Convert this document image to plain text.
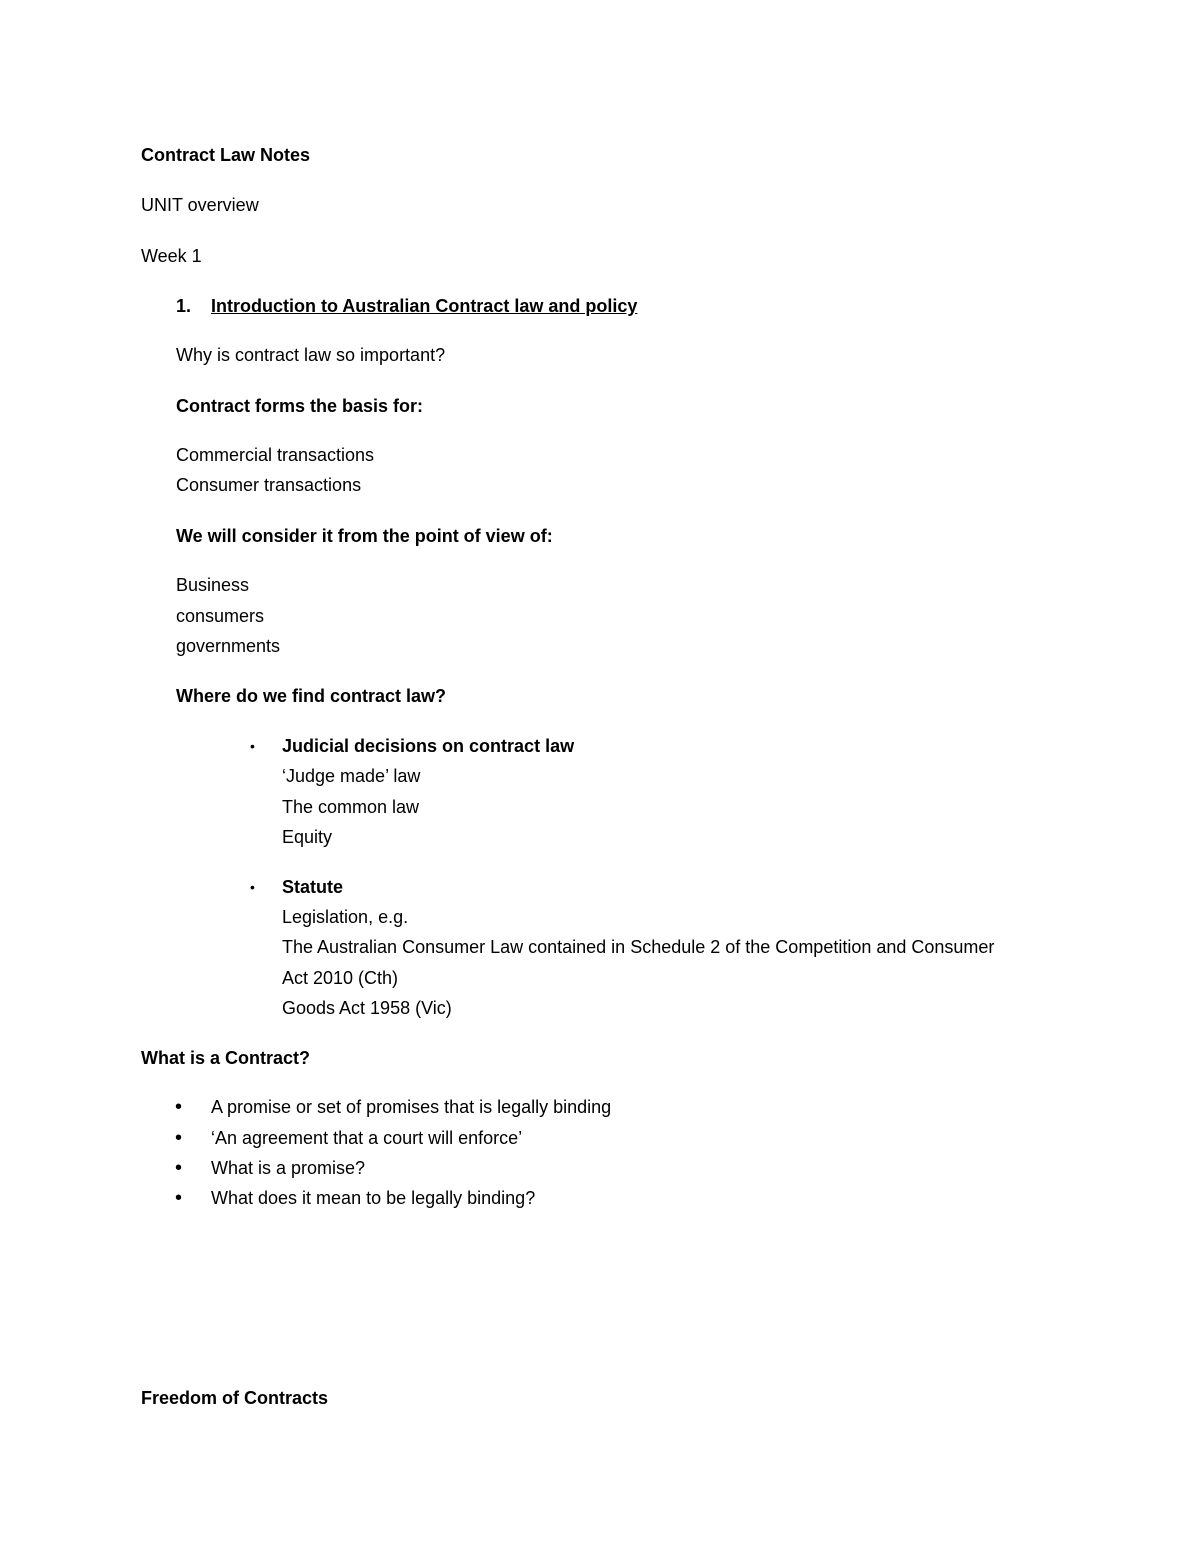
Contract Law Notes

UNIT overview

Week 1

1. Introduction to Australian Contract law and policy

Why is contract law so important?

Contract forms the basis for:

Commercial transactions

Consumer transactions

We will consider it from the point of view of:

Business

consumers

governments

Where do we find contract law?

• Judicial decisions on contract law

‘Judge made’ law

The common law

Equity

• Statute

Legislation, e.g.

The Australian Consumer Law contained in Schedule 2 of the Competition and Consumer

Act 2010 (Cth)

Goods Act 1958 (Vic)

What is a Contract?

• A promise or set of promises that is legally binding

• ‘An agreement that a court will enforce’

• What is a promise?

• What does it mean to be legally binding?

Freedom of Contracts
